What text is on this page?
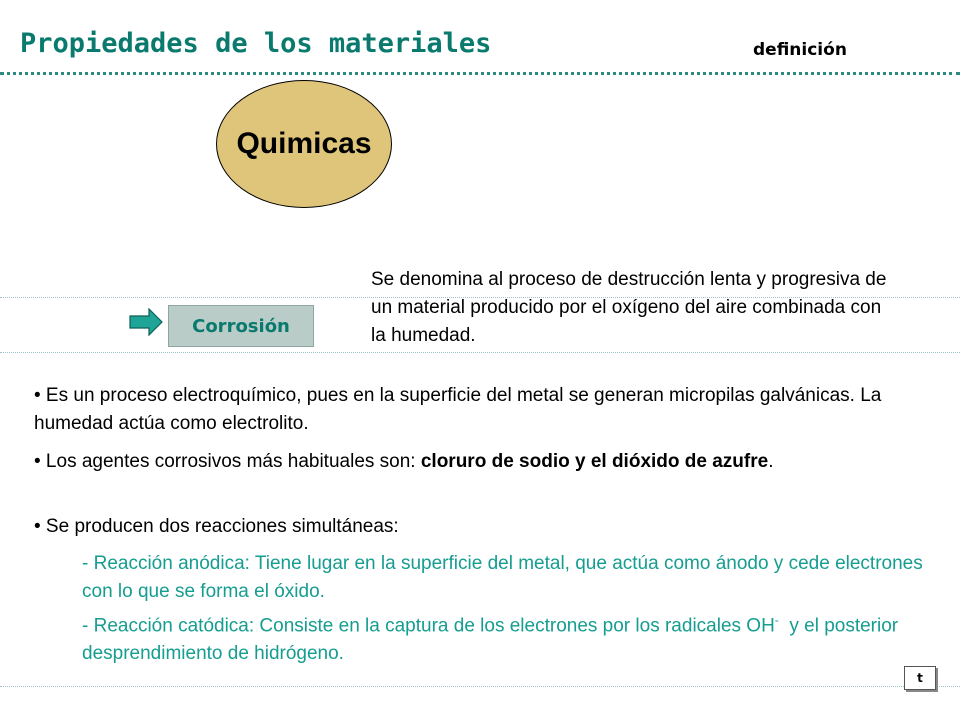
Propiedades de los materiales	definición
Quimicas
Corrosión
Se denomina al proceso de destrucción lenta y progresiva de un material producido por el oxígeno del aire combinada con la humedad.
• Es un proceso electroquímico, pues en la superficie del metal se generan micropilas galvánicas. La humedad actúa como electrolito.
• Los agentes corrosivos más habituales son: cloruro de sodio y el dióxido de azufre.
• Se producen dos reacciones simultáneas:
- Reacción anódica: Tiene lugar en la superficie del metal, que actúa como ánodo y cede electrones con lo que se forma el óxido.
- Reacción catódica: Consiste en la captura de los electrones por los radicales OH-  y el posterior desprendimiento de hidrógeno.
t
